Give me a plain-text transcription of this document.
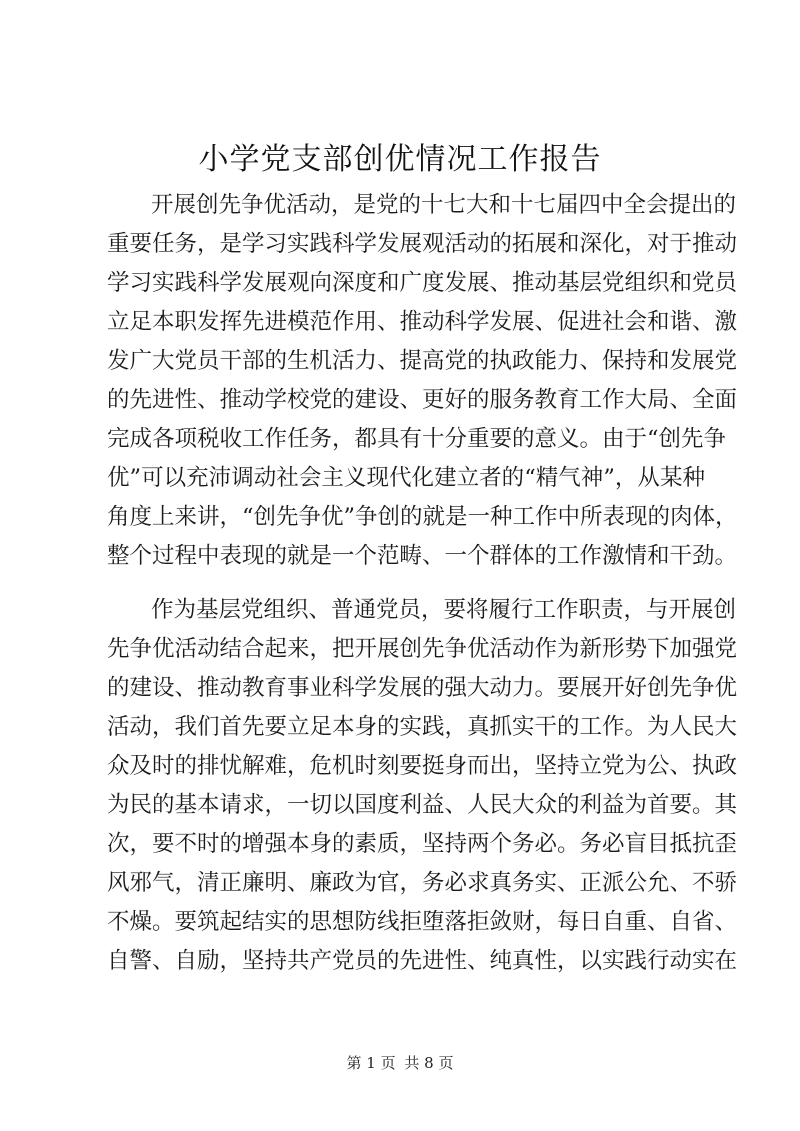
小学党支部创优情况工作报告
开展创先争优活动，是党的十七大和十七届四中全会提出的
重要任务，是学习实践科学发展观活动的拓展和深化，对于推动
学习实践科学发展观向深度和广度发展、推动基层党组织和党员
立足本职发挥先进模范作用、推动科学发展、促进社会和谐、激
发广大党员干部的生机活力、提高党的执政能力、保持和发展党
的先进性、推动学校党的建设、更好的服务教育工作大局、全面
完成各项税收工作任务，都具有十分重要的意义。由于“创先争
优”可以充沛调动社会主义现代化建立者的“精气神”，从某种
角度上来讲，“创先争优”争创的就是一种工作中所表现的肉体，
整个过程中表现的就是一个范畴、一个群体的工作激情和干劲。
作为基层党组织、普通党员，要将履行工作职责，与开展创
先争优活动结合起来，把开展创先争优活动作为新形势下加强党
的建设、推动教育事业科学发展的强大动力。要展开好创先争优
活动，我们首先要立足本身的实践，真抓实干的工作。为人民大
众及时的排忧解难，危机时刻要挺身而出，坚持立党为公、执政
为民的基本请求，一切以国度利益、人民大众的利益为首要。其
次，要不时的增强本身的素质，坚持两个务必。务必盲目抵抗歪
风邪气，清正廉明、廉政为官，务必求真务实、正派公允、不骄
不燥。要筑起结实的思想防线拒堕落拒敛财，每日自重、自省、
自警、自励，坚持共产党员的先进性、纯真性，以实践行动实在
第 1 页 共 8 页
